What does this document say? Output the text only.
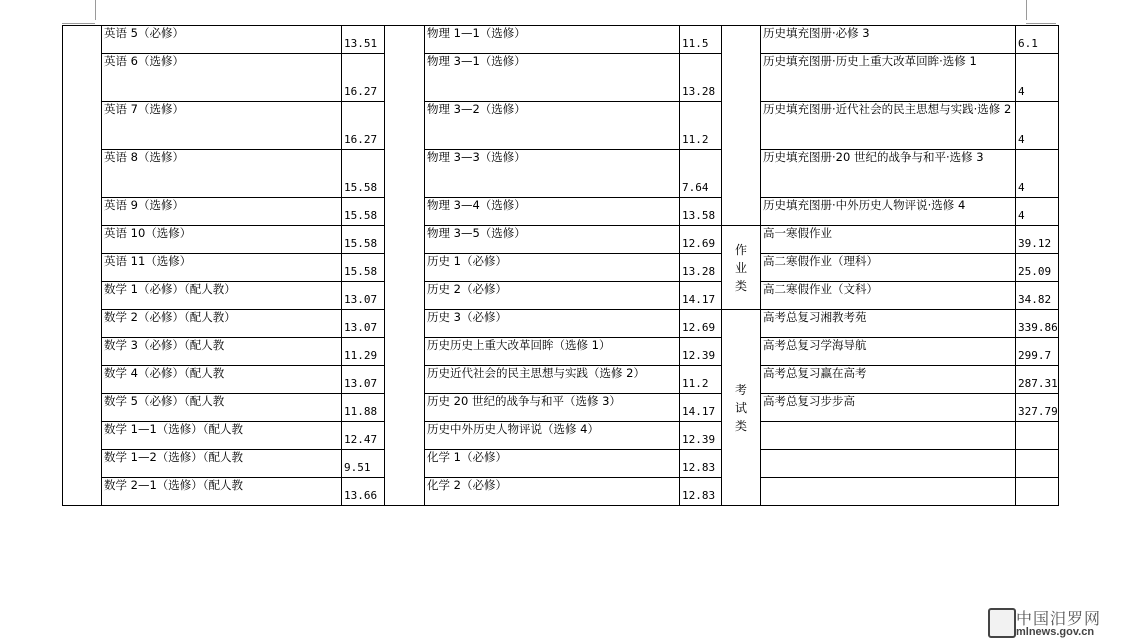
	英语 5（必修）	13.51		物理 1—1（选修）	11.5		历史填充图册·必修 3	6.1
	英语 6（选修）	16.27		物理 3—1（选修）	13.28		历史填充图册·历史上重大改革回眸·选修 1	4
	英语 7（选修）	16.27		物理 3—2（选修）	11.2		历史填充图册·近代社会的民主思想与实践·选修 2	4
	英语 8（选修）	15.58		物理 3—3（选修）	7.64		历史填充图册·20 世纪的战争与和平·选修 3	4
	英语 9（选修）	15.58		物理 3—4（选修）	13.58		历史填充图册·中外历史人物评说·选修 4	4
	英语 10（选修）	15.58		物理 3—5（选修）	12.69	作业类	高一寒假作业	39.12
	英语 11（选修）	15.58		历史 1（必修）	13.28		高二寒假作业（理科）	25.09
	数学 1（必修）（配人教）	13.07		历史 2（必修）	14.17		高二寒假作业（文科）	34.82
	数学 2（必修）（配人教）	13.07		历史 3（必修）	12.69	考试类	高考总复习湘教考苑	339.86
	数学 3（必修）（配人教	11.29		历史历史上重大改革回眸（选修 1）	12.39		高考总复习学海导航	299.7
	数学 4（必修）（配人教	13.07		历史近代社会的民主思想与实践（选修 2）	11.2		高考总复习赢在高考	287.31
	数学 5（必修）（配人教	11.88		历史 20 世纪的战争与和平（选修 3）	14.17		高考总复习步步高	327.79
	数学 1—1（选修）（配人教	12.47		历史中外历史人物评说（选修 4）	12.39			
	数学 1—2（选修）（配人教	9.51		化学 1（必修）	12.83			
	数学 2—1（选修）（配人教	13.66		化学 2（必修）	12.83			
中国汨罗网
mlnews.gov.cn
